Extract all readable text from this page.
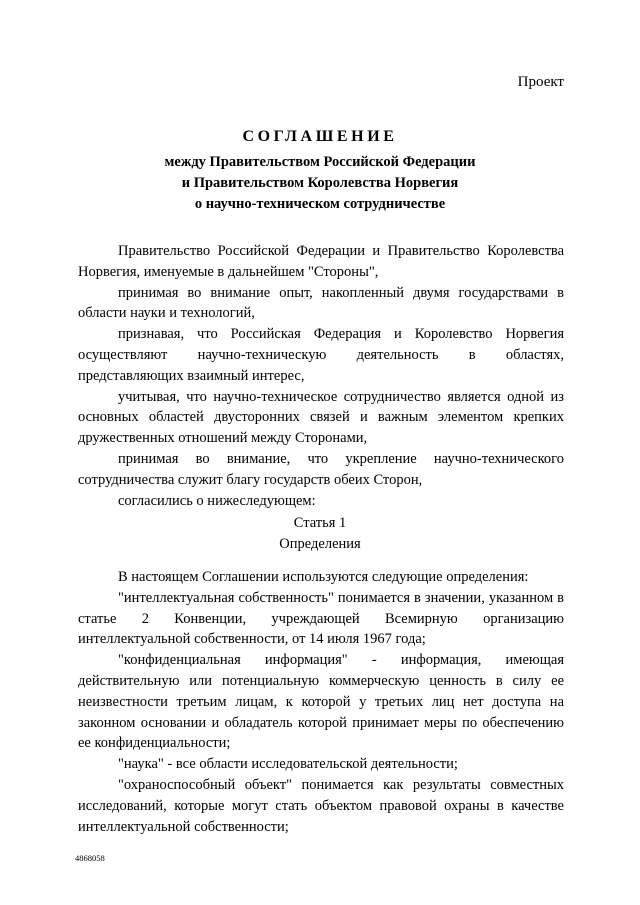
Проект
СОГЛАШЕНИЕ
между Правительством Российской Федерации
и Правительством Королевства Норвегия
о научно-техническом сотрудничестве

Правительство Российской Федерации и Правительство Королевства Норвегия, именуемые в дальнейшем "Стороны",

принимая во внимание опыт, накопленный двумя государствами в области науки и технологий,

признавая, что Российская Федерация и Королевство Норвегия осуществляют научно-техническую деятельность в областях, представляющих взаимный интерес,

учитывая, что научно-техническое сотрудничество является одной из основных областей двусторонних связей и важным элементом крепких дружественных отношений между Сторонами,

принимая во внимание, что укрепление научно-технического сотрудничества служит благу государств обеих Сторон,

согласились о нижеследующем:

Статья 1
Определения

В настоящем Соглашении используются следующие определения:

"интеллектуальная собственность" понимается в значении, указанном в статье 2 Конвенции, учреждающей Всемирную организацию интеллектуальной собственности, от 14 июля 1967 года;

"конфиденциальная информация" - информация, имеющая действительную или потенциальную коммерческую ценность в силу ее неизвестности третьим лицам, к которой у третьих лиц нет доступа на законном основании и обладатель которой принимает меры по обеспечению ее конфиденциальности;

"наука" - все области исследовательской деятельности;

"охраноспособный объект" понимается как результаты совместных исследований, которые могут стать объектом правовой охраны в качестве интеллектуальной собственности;

4868058
